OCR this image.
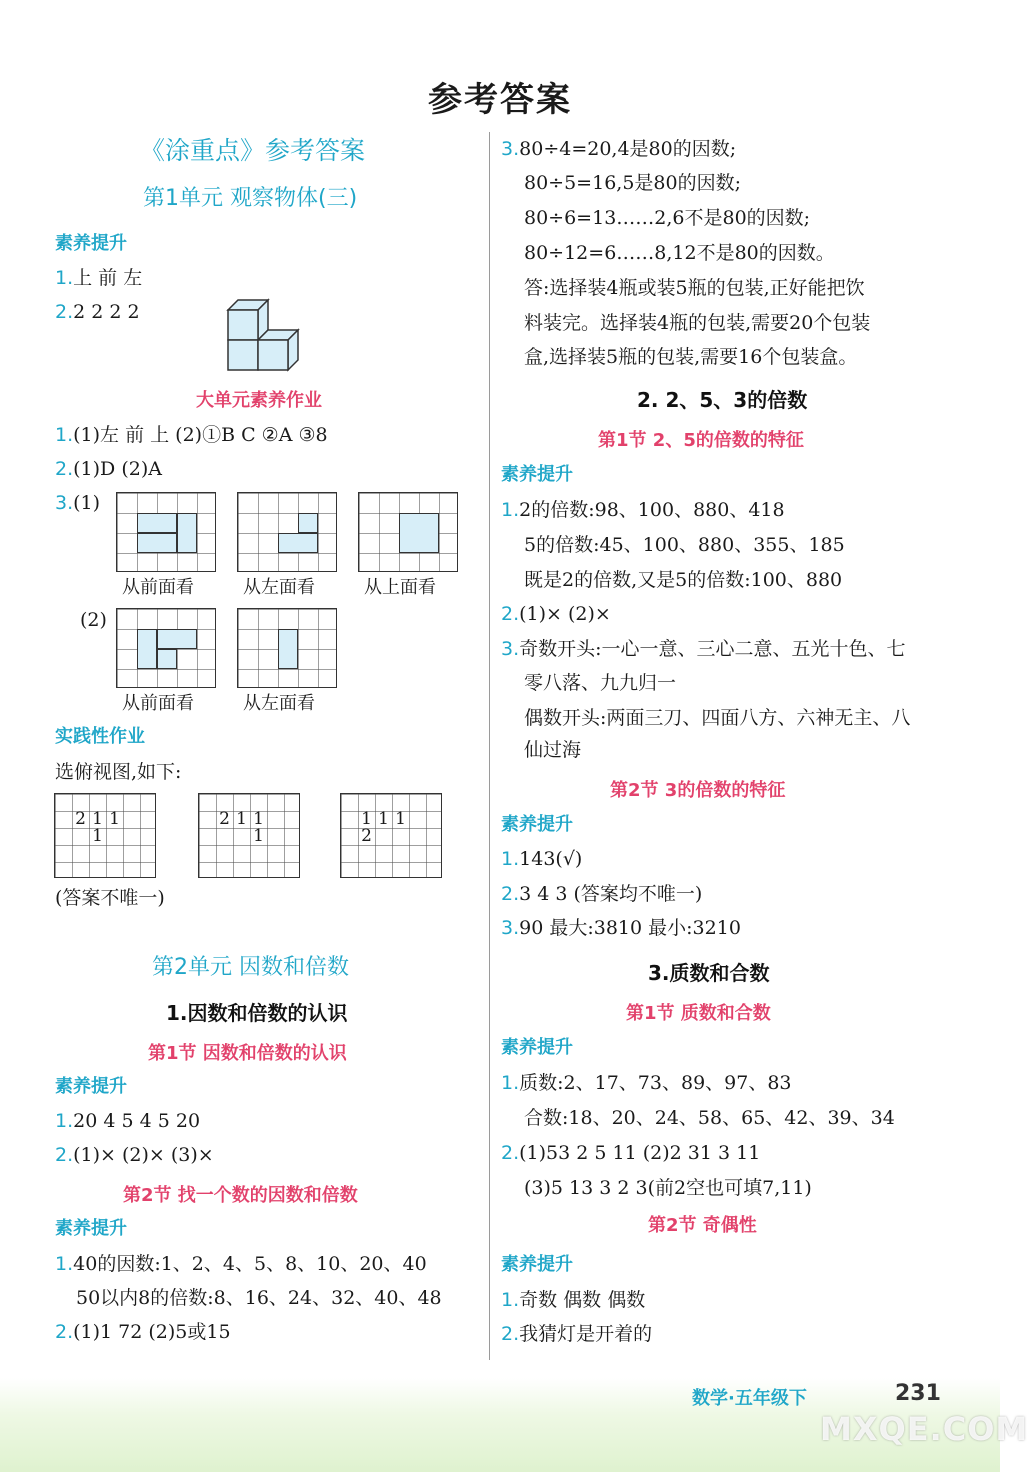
参考答案
《涂重点》参考答案
第1单元 观察物体(三)
素养提升
1.上 前 左
2.2 2 2 2
大单元素养作业
1.(1)左 前 上 (2)①B C ②A ③8
2.(1)D (2)A
3.(1)
从前面看	从左面看	从上面看
(2)
从前面看	从左面看
实践性作业
选俯视图,如下:
2 1 1
1
2 1 1
1
1 1 1
2
(答案不唯一)
第2单元 因数和倍数
1.因数和倍数的认识
第1节 因数和倍数的认识
素养提升
1.20 4 5 4 5 20
2.(1)× (2)× (3)×
第2节 找一个数的因数和倍数
素养提升
1.40的因数:1、2、4、5、8、10、20、40
50以内8的倍数:8、16、24、32、40、48
2.(1)1 72 (2)5或15
3.80÷4=20,4是80的因数;
80÷5=16,5是80的因数;
80÷6=13……2,6不是80的因数;
80÷12=6……8,12不是80的因数。
答:选择装4瓶或装5瓶的包装,正好能把饮
料装完。选择装4瓶的包装,需要20个包装
盒,选择装5瓶的包装,需要16个包装盒。
2. 2、5、3的倍数
第1节 2、5的倍数的特征
素养提升
1.2的倍数:98、100、880、418
5的倍数:45、100、880、355、185
既是2的倍数,又是5的倍数:100、880
2.(1)× (2)×
3.奇数开头:一心一意、三心二意、五光十色、七
零八落、九九归一
偶数开头:两面三刀、四面八方、六神无主、八
仙过海
第2节 3的倍数的特征
素养提升
1.143(√)
2.3 4 3 (答案均不唯一)
3.90 最大:3810 最小:3210
3.质数和合数
第1节 质数和合数
素养提升
1.质数:2、17、73、89、97、83
合数:18、20、24、58、65、42、39、34
2.(1)53 2 5 11 (2)2 31 3 11
(3)5 13 3 2 3(前2空也可填7,11)
第2节 奇偶性
素养提升
1.奇数 偶数 偶数
2.我猜灯是开着的
数学·五年级下	231
MXQE.COM
